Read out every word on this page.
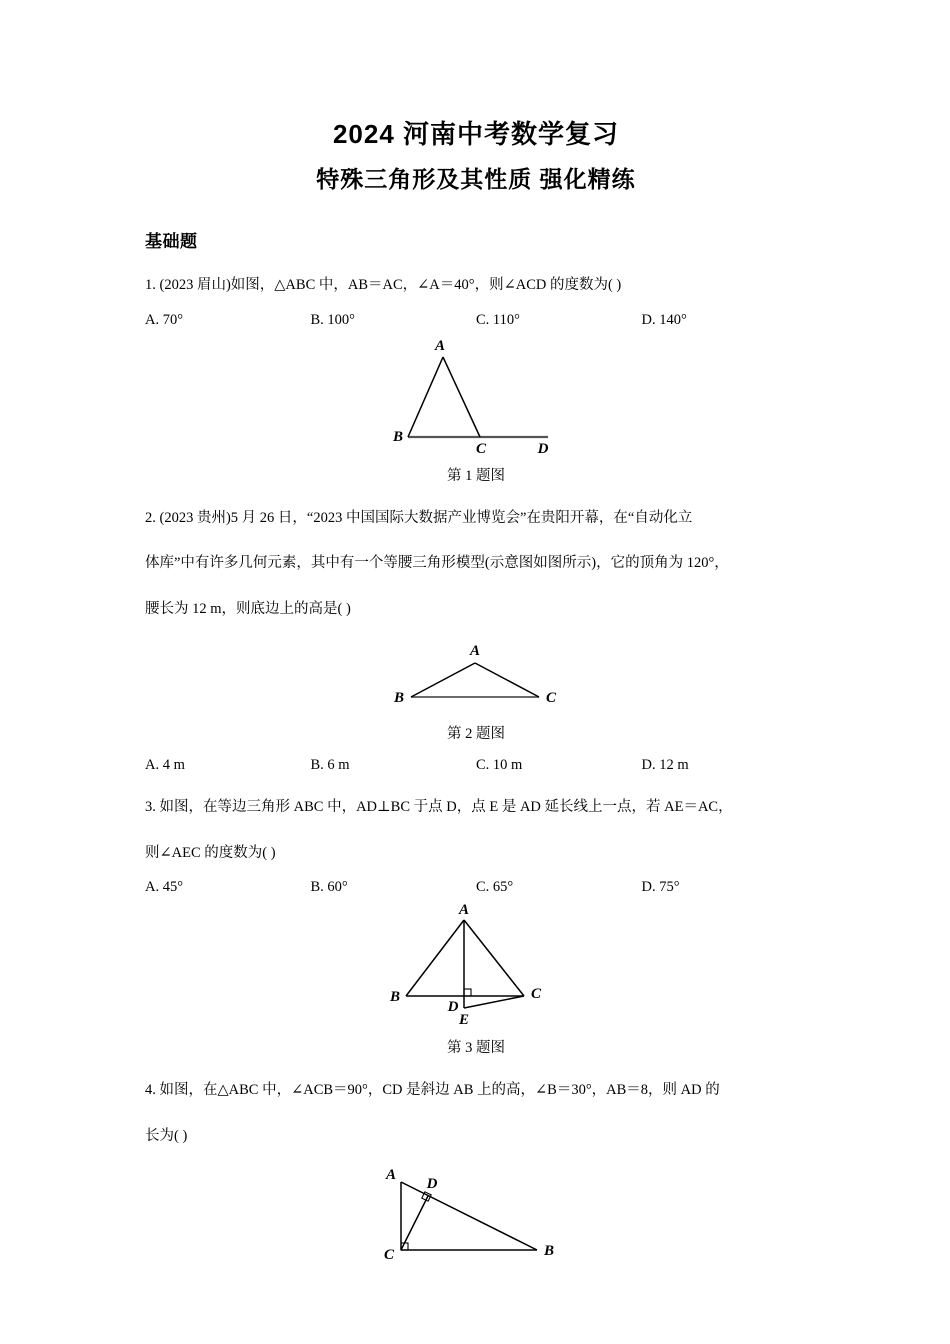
2024 河南中考数学复习
特殊三角形及其性质 强化精练
基础题
1. (2023 眉山)如图，△ABC 中，AB＝AC，∠A＝40°，则∠ACD 的度数为( )
A. 70°	B. 100°	C. 110°	D. 140°
A
B
C	D
第 1 题图
2. (2023 贵州)5 月 26 日，“2023 中国国际大数据产业博览会”在贵阳开幕，在“自动化立
体库”中有许多几何元素，其中有一个等腰三角形模型(示意图如图所示)，它的顶角为 120°，
腰长为 12 m，则底边上的高是( )
A
B	C
第 2 题图
A. 4 m	B. 6 m	C. 10 m	D. 12 m
3. 如图，在等边三角形 ABC 中，AD⊥BC 于点 D，点 E 是 AD 延长线上一点，若 AE＝AC，
则∠AEC 的度数为( )
A. 45°	B. 60°	C. 65°	D. 75°
A
B	C
D
E
第 3 题图
4. 如图，在△ABC 中，∠ACB＝90°，CD 是斜边 AB 上的高，∠B＝30°，AB＝8，则 AD 的
长为( )
A
D
C	B
